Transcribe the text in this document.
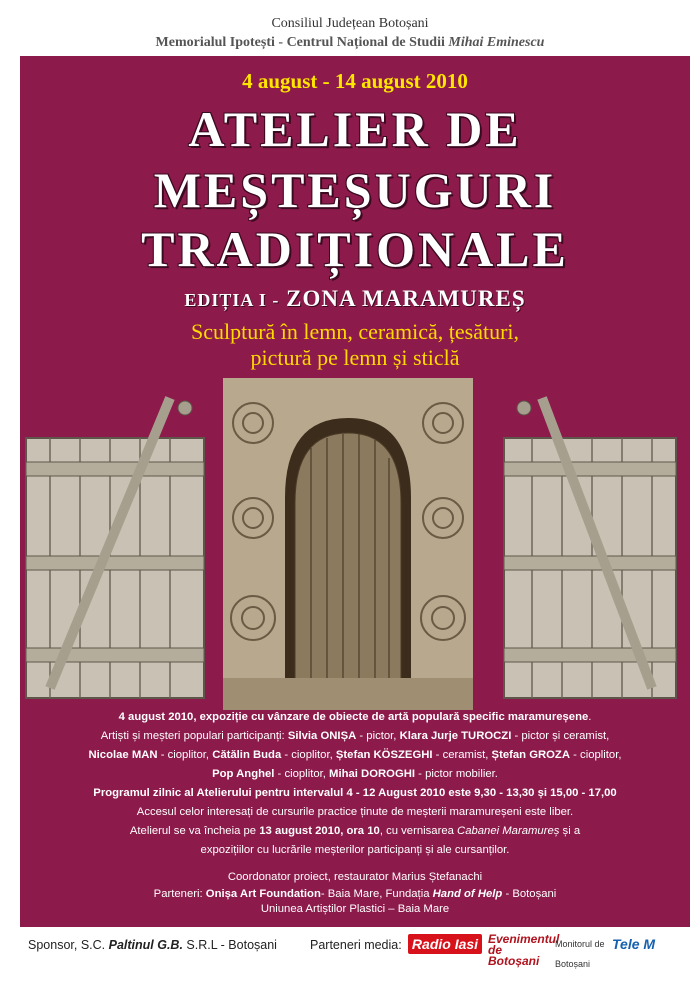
Consiliul Județean Botoșani
Memorialul Ipotești - Centrul Național de Studii Mihai Eminescu
4 august - 14 august 2010
ATELIER DE
MEȘTEȘUGURI
TRADIȚIONALE
EDIȚIA I - ZONA MARAMUREȘ
Sculptură în lemn, ceramică, țesături,
pictură pe lemn și sticlă

4 august 2010, expoziție cu vânzare de obiecte de artă populară specific maramureșene.

Artiști și meșteri populari participanți: Silvia ONIȘA - pictor, Klara Jurje TUROCZI - pictor și ceramist,

Nicolae MAN - cioplitor, Cătălin Buda - cioplitor, Ștefan KÖSZEGHI - ceramist, Ștefan GROZA - cioplitor,

Pop Anghel - cioplitor, Mihai DOROGHI - pictor mobilier.

Programul zilnic al Atelierului pentru intervalul 4 - 12 August 2010 este 9,30 - 13,30 și 15,00 - 17,00

Accesul celor interesați de cursurile practice ținute de meșterii maramureșeni este liber.

Atelierul se va încheia pe 13 august 2010, ora 10, cu vernisarea Cabanei Maramureș și a

expozițiilor cu lucrările meșterilor participanți și ale cursanților.

Coordonator proiect, restaurator Marius Ștefanachi

Parteneri: Onișa Art Foundation- Baia Mare, Fundația Hand of Help - Botoșani

Uniunea Artiștilor Plastici – Baia Mare

Sponsor, S.C. Paltinul G.B. S.R.L - Botoșani	Parteneri media: Radio Iasi Evenimentul de Botoșani
Monitorul de Botoșani
Tele M
